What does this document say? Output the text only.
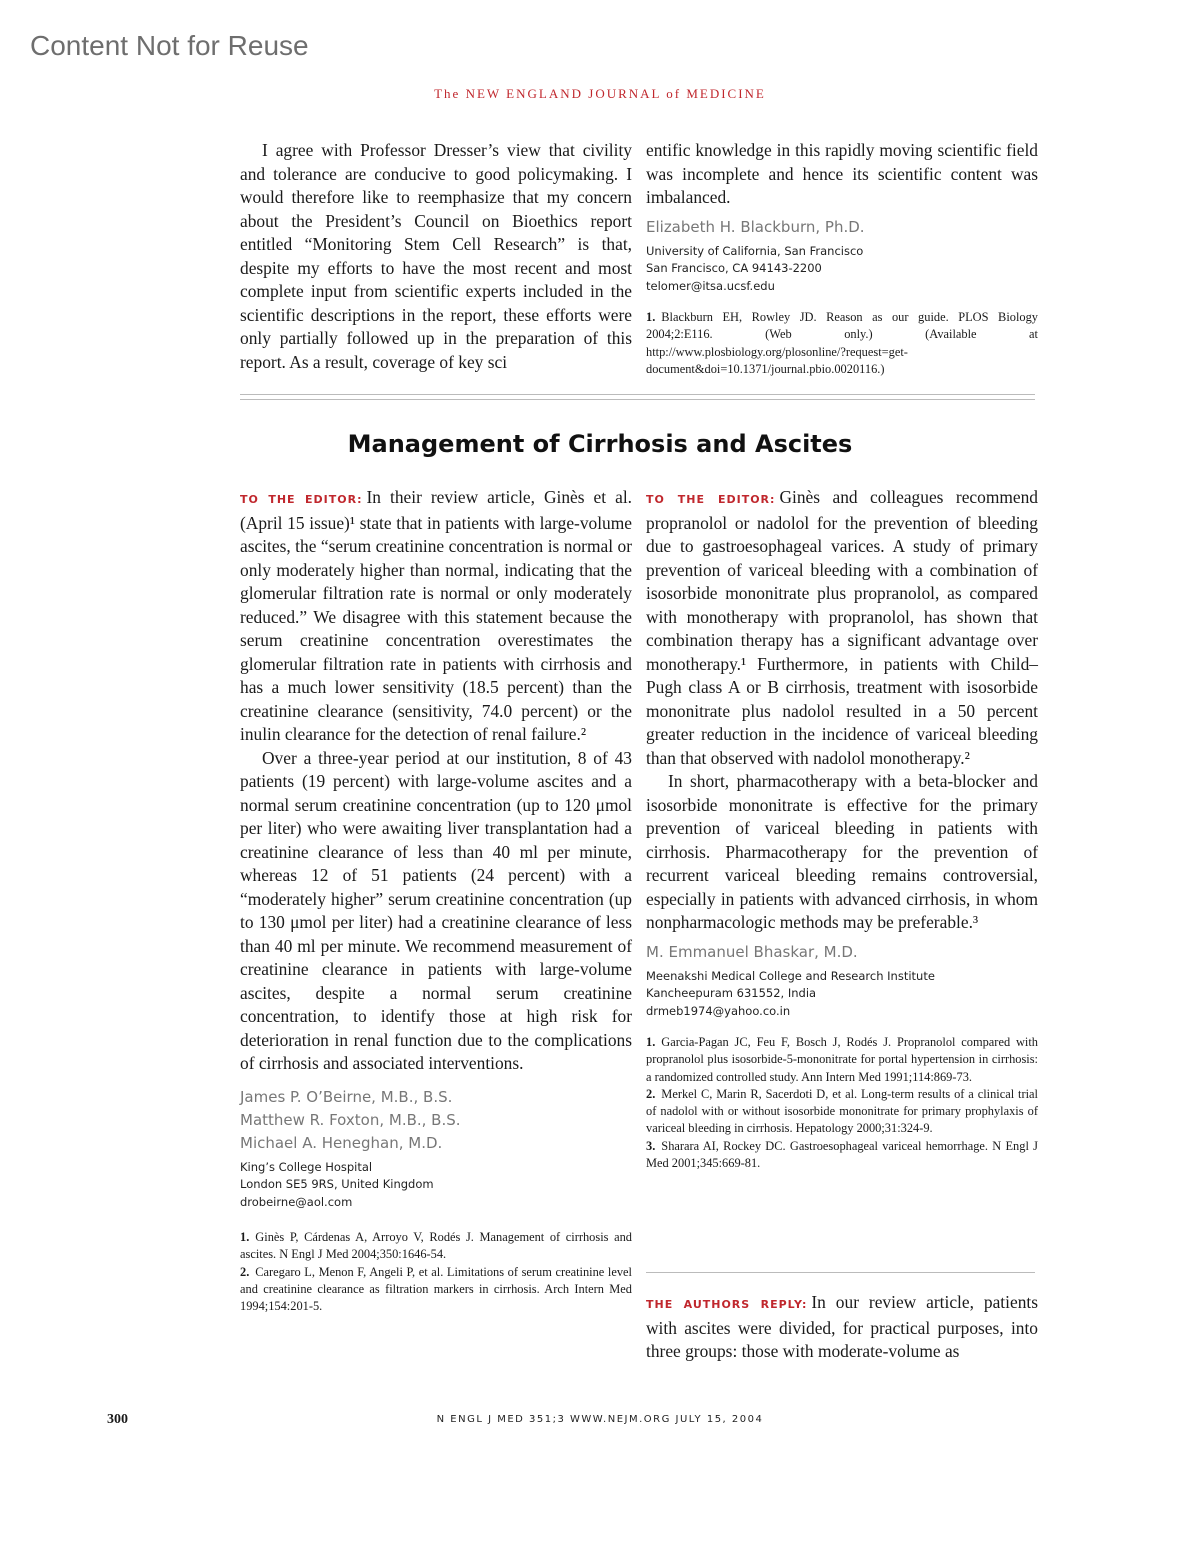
Content Not for Reuse
The NEW ENGLAND JOURNAL of MEDICINE

I agree with Professor Dresser’s view that civility and tolerance are conducive to good policymaking. I would therefore like to reemphasize that my concern about the President’s Council on Bioethics report entitled “Monitoring Stem Cell Research” is that, despite my efforts to have the most recent and most complete input from scientific experts included in the scientific descriptions in the report, these efforts were only partially followed up in the preparation of this report. As a result, coverage of key sci

entific knowledge in this rapidly moving scientific field was incomplete and hence its scientific content was imbalanced.

Elizabeth H. Blackburn, Ph.D.
University of California, San Francisco
San Francisco, CA 94143-2200
telomer@itsa.ucsf.edu

1. Blackburn EH, Rowley JD. Reason as our guide. PLOS Biology 2004;2:E116. (Web only.) (Available at http://www.plosbiology.org/plosonline/?request=get-document&doi=10.1371/journal.pbio.0020116.)

Management of Cirrhosis and Ascites

TO THE EDITOR: In their review article, Ginès et al. (April 15 issue)¹ state that in patients with large-volume ascites, the “serum creatinine concentration is normal or only moderately higher than normal, indicating that the glomerular filtration rate is normal or only moderately reduced.” We disagree with this statement because the serum creatinine concentration overestimates the glomerular filtration rate in patients with cirrhosis and has a much lower sensitivity (18.5 percent) than the creatinine clearance (sensitivity, 74.0 percent) or the inulin clearance for the detection of renal failure.²

Over a three-year period at our institution, 8 of 43 patients (19 percent) with large-volume ascites and a normal serum creatinine concentration (up to 120 μmol per liter) who were awaiting liver transplantation had a creatinine clearance of less than 40 ml per minute, whereas 12 of 51 patients (24 percent) with a “moderately higher” serum creatinine concentration (up to 130 μmol per liter) had a creatinine clearance of less than 40 ml per minute. We recommend measurement of creatinine clearance in patients with large-volume ascites, despite a normal serum creatinine concentration, to identify those at high risk for deterioration in renal function due to the complications of cirrhosis and associated interventions.

James P. O’Beirne, M.B., B.S.
Matthew R. Foxton, M.B., B.S.
Michael A. Heneghan, M.D.
King’s College Hospital
London SE5 9RS, United Kingdom
drobeirne@aol.com

1. Ginès P, Cárdenas A, Arroyo V, Rodés J. Management of cirrhosis and ascites. N Engl J Med 2004;350:1646-54.

2. Caregaro L, Menon F, Angeli P, et al. Limitations of serum creatinine level and creatinine clearance as filtration markers in cirrhosis. Arch Intern Med 1994;154:201-5.

TO THE EDITOR: Ginès and colleagues recommend propranolol or nadolol for the prevention of bleeding due to gastroesophageal varices. A study of primary prevention of variceal bleeding with a combination of isosorbide mononitrate plus propranolol, as compared with monotherapy with propranolol, has shown that combination therapy has a significant advantage over monotherapy.¹ Furthermore, in patients with Child–Pugh class A or B cirrhosis, treatment with isosorbide mononitrate plus nadolol resulted in a 50 percent greater reduction in the incidence of variceal bleeding than that observed with nadolol monotherapy.²

In short, pharmacotherapy with a beta-blocker and isosorbide mononitrate is effective for the primary prevention of variceal bleeding in patients with cirrhosis. Pharmacotherapy for the prevention of recurrent variceal bleeding remains controversial, especially in patients with advanced cirrhosis, in whom nonpharmacologic methods may be preferable.³

M. Emmanuel Bhaskar, M.D.
Meenakshi Medical College and Research Institute
Kancheepuram 631552, India
drmeb1974@yahoo.co.in

1. Garcia-Pagan JC, Feu F, Bosch J, Rodés J. Propranolol compared with propranolol plus isosorbide-5-mononitrate for portal hypertension in cirrhosis: a randomized controlled study. Ann Intern Med 1991;114:869-73.

2. Merkel C, Marin R, Sacerdoti D, et al. Long-term results of a clinical trial of nadolol with or without isosorbide mononitrate for primary prophylaxis of variceal bleeding in cirrhosis. Hepatology 2000;31:324-9.

3. Sharara AI, Rockey DC. Gastroesophageal variceal hemorrhage. N Engl J Med 2001;345:669-81.

THE AUTHORS REPLY: In our review article, patients with ascites were divided, for practical purposes, into three groups: those with moderate-volume as

300	N ENGL J MED 351;3 WWW.NEJM.ORG JULY 15, 2004
